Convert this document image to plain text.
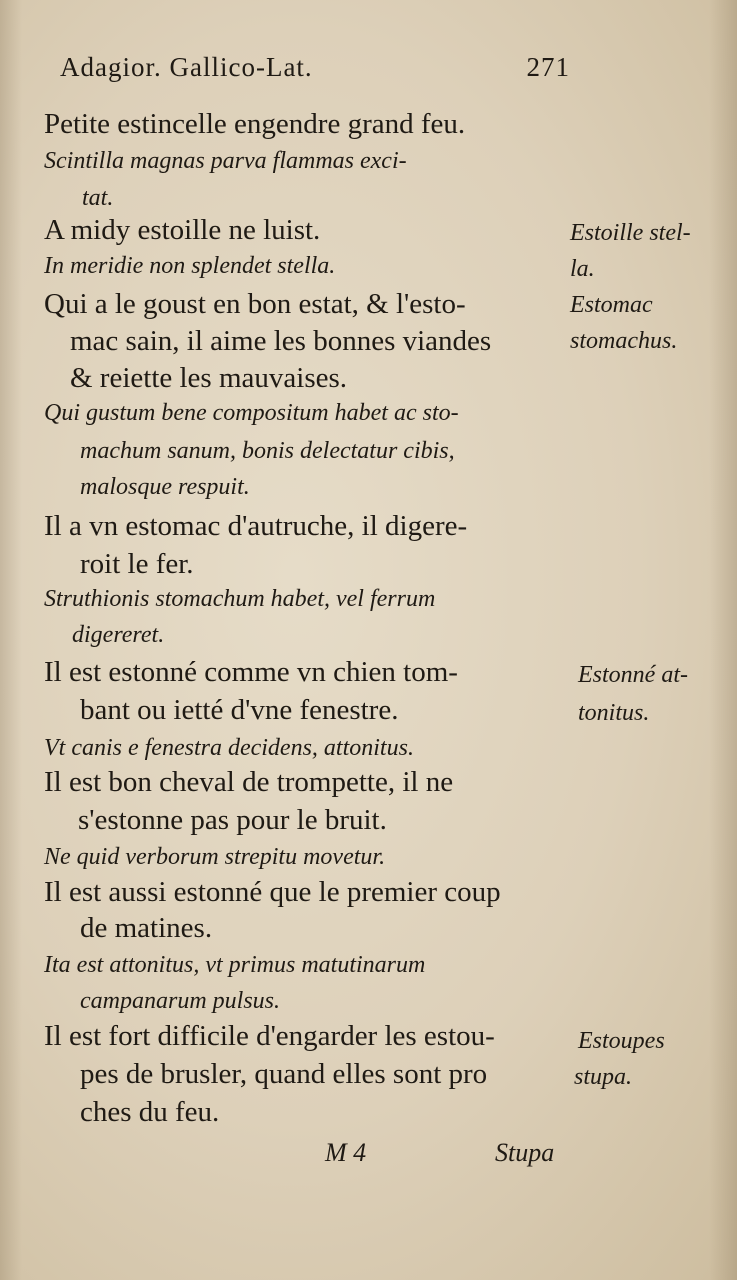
Adagior. Gallico-Lat.	271
Petite estincelle engendre grand feu.
Scintilla magnas parva flammas exci-
tat.
A midy estoille ne luist.
In meridie non splendet stella.
Qui a le goust en bon estat, & l'esto-
mac sain, il aime les bonnes viandes
& reiette les mauvaises.
Qui gustum bene compositum habet ac sto-
machum sanum, bonis delectatur cibis,
malosque respuit.
Il a vn estomac d'autruche, il digere-
roit le fer.
Struthionis stomachum habet, vel ferrum
digereret.
Il est estonné comme vn chien tom-
bant ou ietté d'vne fenestre.
Vt canis e fenestra decidens, attonitus.
Il est bon cheval de trompette, il ne
s'estonne pas pour le bruit.
Ne quid verborum strepitu movetur.
Il est aussi estonné que le premier coup
de matines.
Ita est attonitus, vt primus matutinarum
campanarum pulsus.
Il est fort difficile d'engarder les estou-
pes de brusler, quand elles sont pro
ches du feu.
Estoille stel-
la.
Estomac
stomachus.
Estonné at-
tonitus.
Estoupes
stupa.
M 4	Stupa
